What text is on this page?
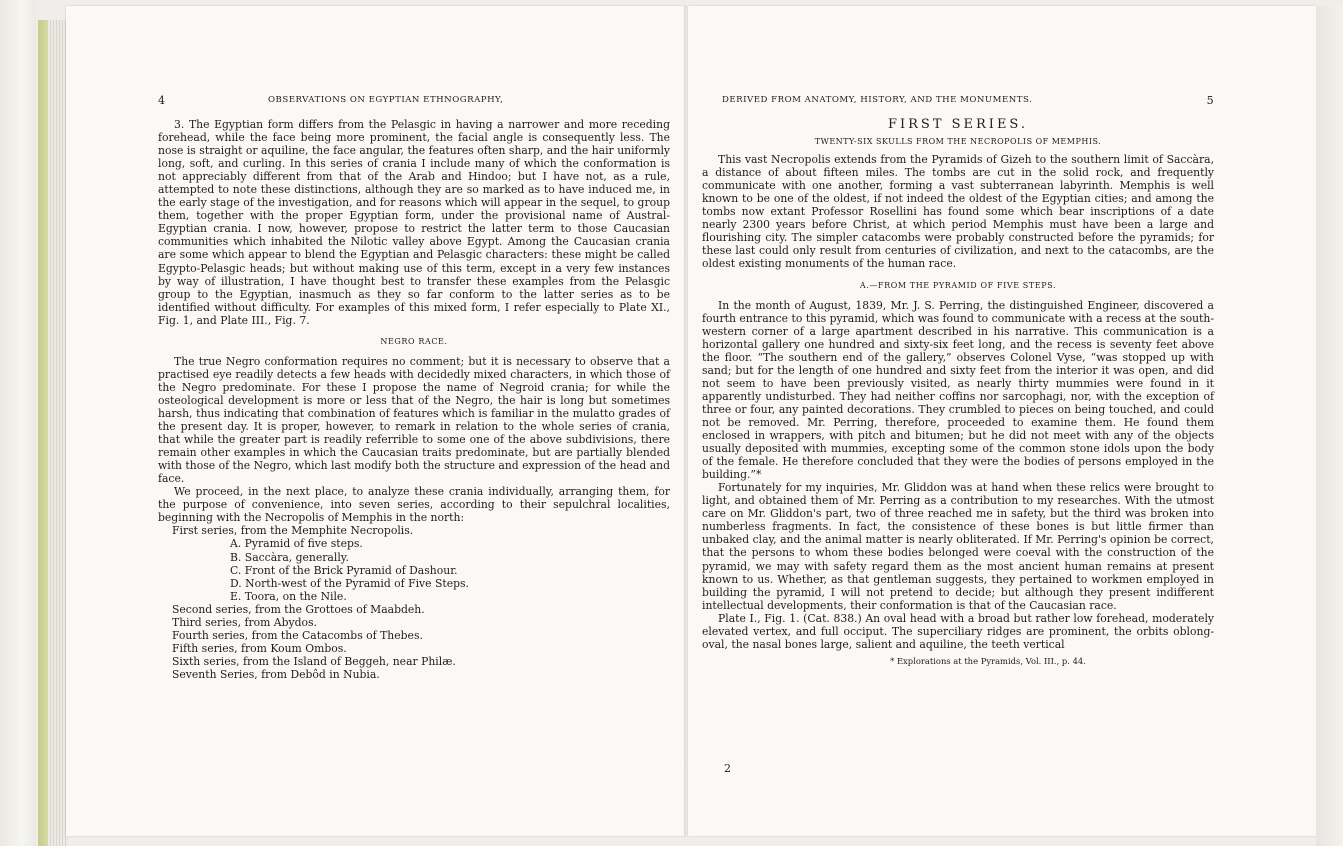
4	OBSERVATIONS ON EGYPTIAN ETHNOGRAPHY,

3. The Egyptian form differs from the Pelasgic in having a narrower and more receding forehead, while the face being more prominent, the facial angle is consequently less. The nose is straight or aquiline, the face angular, the features often sharp, and the hair uniformly long, soft, and curling. In this series of crania I include many of which the conformation is not appreciably different from that of the Arab and Hindoo; but I have not, as a rule, attempted to note these distinctions, although they are so marked as to have induced me, in the early stage of the investigation, and for reasons which will appear in the sequel, to group them, together with the proper Egyptian form, under the provisional name of Austral-Egyptian crania. I now, however, propose to restrict the latter term to those Caucasian communities which inhabited the Nilotic valley above Egypt. Among the Caucasian crania are some which appear to blend the Egyptian and Pelasgic characters: these might be called Egypto-Pelasgic heads; but without making use of this term, except in a very few instances by way of illustration, I have thought best to transfer these examples from the Pelasgic group to the Egyptian, inasmuch as they so far conform to the latter series as to be identified without difficulty. For examples of this mixed form, I refer especially to Plate XI., Fig. 1, and Plate III., Fig. 7.

NEGRO RACE.

The true Negro conformation requires no comment; but it is necessary to observe that a practised eye readily detects a few heads with decidedly mixed characters, in which those of the Negro predominate. For these I propose the name of Negroid crania; for while the osteological development is more or less that of the Negro, the hair is long but sometimes harsh, thus indicating that combination of features which is familiar in the mulatto grades of the present day. It is proper, however, to remark in relation to the whole series of crania, that while the greater part is readily referrible to some one of the above subdivisions, there remain other examples in which the Caucasian traits predominate, but are partially blended with those of the Negro, which last modify both the structure and expression of the head and face.

We proceed, in the next place, to analyze these crania individually, arranging them, for the purpose of convenience, into seven series, according to their sepulchral localities, beginning with the Necropolis of Memphis in the north:

First series, from the Memphite Necropolis.

A. Pyramid of five steps.

B. Saccàra, generally.

C. Front of the Brick Pyramid of Dashour.

D. North-west of the Pyramid of Five Steps.

E. Toora, on the Nile.

Second series, from the Grottoes of Maabdeh.

Third series, from Abydos.

Fourth series, from the Catacombs of Thebes.

Fifth series, from Koum Ombos.

Sixth series, from the Island of Beggeh, near Philæ.

Seventh Series, from Debôd in Nubia.

DERIVED FROM ANATOMY, HISTORY, AND THE MONUMENTS.	5
FIRST SERIES.
TWENTY-SIX SKULLS FROM THE NECROPOLIS OF MEMPHIS.

This vast Necropolis extends from the Pyramids of Gizeh to the southern limit of Saccàra, a distance of about fifteen miles. The tombs are cut in the solid rock, and frequently communicate with one another, forming a vast subterranean labyrinth. Memphis is well known to be one of the oldest, if not indeed the oldest of the Egyptian cities; and among the tombs now extant Professor Rosellini has found some which bear inscriptions of a date nearly 2300 years before Christ, at which period Memphis must have been a large and flourishing city. The simpler catacombs were probably constructed before the pyramids; for these last could only result from centuries of civilization, and next to the catacombs, are the oldest existing monuments of the human race.

A.—FROM THE PYRAMID OF FIVE STEPS.

In the month of August, 1839, Mr. J. S. Perring, the distinguished Engineer, discovered a fourth entrance to this pyramid, which was found to communicate with a recess at the south-western corner of a large apartment described in his narrative. This communication is a horizontal gallery one hundred and sixty-six feet long, and the recess is seventy feet above the floor. “The southern end of the gallery,” observes Colonel Vyse, “was stopped up with sand; but for the length of one hundred and sixty feet from the interior it was open, and did not seem to have been previously visited, as nearly thirty mummies were found in it apparently undisturbed. They had neither coffins nor sarcophagi, nor, with the exception of three or four, any painted decorations. They crumbled to pieces on being touched, and could not be removed. Mr. Perring, therefore, proceeded to examine them. He found them enclosed in wrappers, with pitch and bitumen; but he did not meet with any of the objects usually deposited with mummies, excepting some of the common stone idols upon the body of the female. He therefore concluded that they were the bodies of persons employed in the building.”*

Fortunately for my inquiries, Mr. Gliddon was at hand when these relics were brought to light, and obtained them of Mr. Perring as a contribution to my researches. With the utmost care on Mr. Gliddon's part, two of three reached me in safety, but the third was broken into numberless fragments. In fact, the consistence of these bones is but little firmer than unbaked clay, and the animal matter is nearly obliterated. If Mr. Perring's opinion be correct, that the persons to whom these bodies belonged were coeval with the construction of the pyramid, we may with safety regard them as the most ancient human remains at present known to us. Whether, as that gentleman suggests, they pertained to workmen employed in building the pyramid, I will not pretend to decide; but although they present indifferent intellectual developments, their conformation is that of the Caucasian race.

Plate I., Fig. 1. (Cat. 838.) An oval head with a broad but rather low forehead, moderately elevated vertex, and full occiput. The superciliary ridges are prominent, the orbits oblong-oval, the nasal bones large, salient and aquiline, the teeth vertical

* Explorations at the Pyramids, Vol. III., p. 44.
2
